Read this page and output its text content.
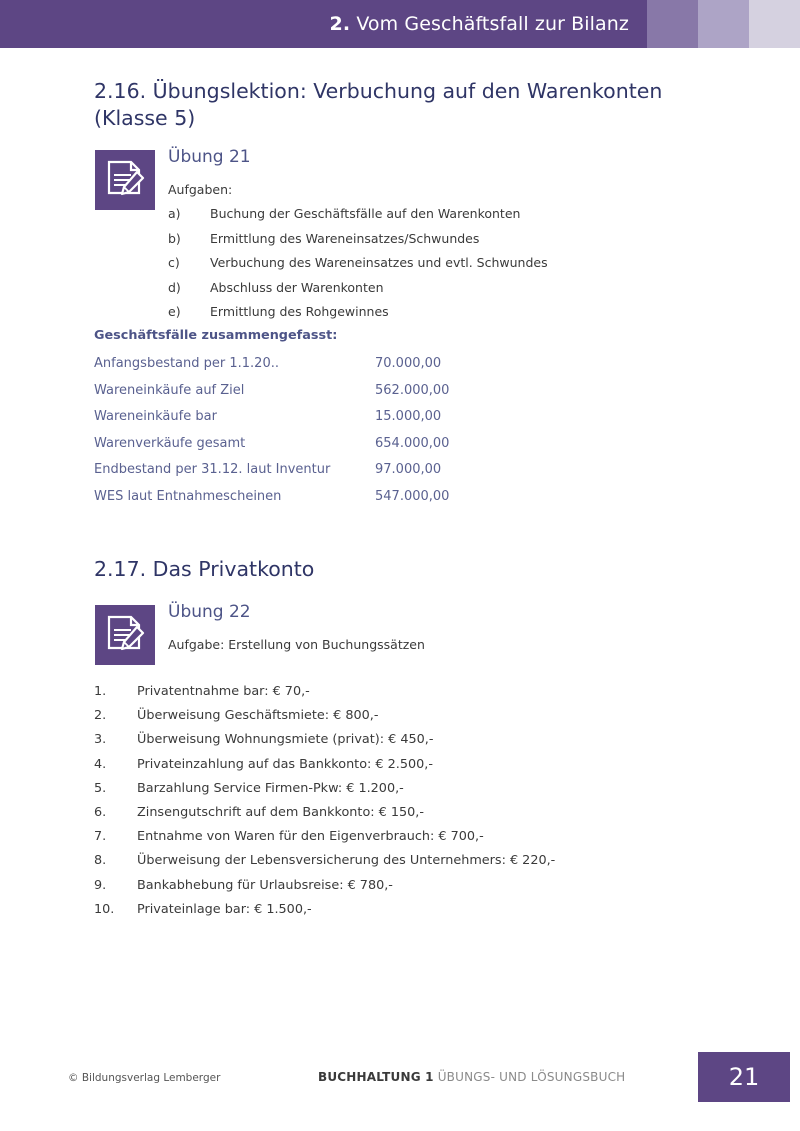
2. Vom Geschäftsfall zur Bilanz
2.16. Übungslektion: Verbuchung auf den Warenkonten (Klasse 5)
Übung 21
Aufgaben:
a)	Buchung der Geschäftsfälle auf den Warenkonten
b)	Ermittlung des Wareneinsatzes/Schwundes
c)	Verbuchung des Wareneinsatzes und evtl. Schwundes
d)	Abschluss der Warenkonten
e)	Ermittlung des Rohgewinnes
Geschäftsfälle zusammengefasst:
Anfangsbestand per 1.1.20..	70.000,00
Wareneinkäufe auf Ziel	562.000,00
Wareneinkäufe bar	15.000,00
Warenverkäufe gesamt	654.000,00
Endbestand per 31.12. laut Inventur	97.000,00
WES laut Entnahmescheinen	547.000,00
2.17. Das Privatkonto
Übung 22
Aufgabe: Erstellung von Buchungssätzen
1.	Privatentnahme bar: € 70,-
2.	Überweisung Geschäftsmiete: € 800,-
3.	Überweisung Wohnungsmiete (privat): € 450,-
4.	Privateinzahlung auf das Bankkonto: € 2.500,-
5.	Barzahlung Service Firmen-Pkw: € 1.200,-
6.	Zinsengutschrift auf dem Bankkonto: € 150,-
7.	Entnahme von Waren für den Eigenverbrauch: € 700,-
8.	Überweisung der Lebensversicherung des Unternehmers: € 220,-
9.	Bankabhebung für Urlaubsreise: € 780,-
10.	Privateinlage bar: € 1.500,-
© Bildungsverlag Lemberger	BUCHHALTUNG 1 ÜBUNGS- UND LÖSUNGSBUCH	21
